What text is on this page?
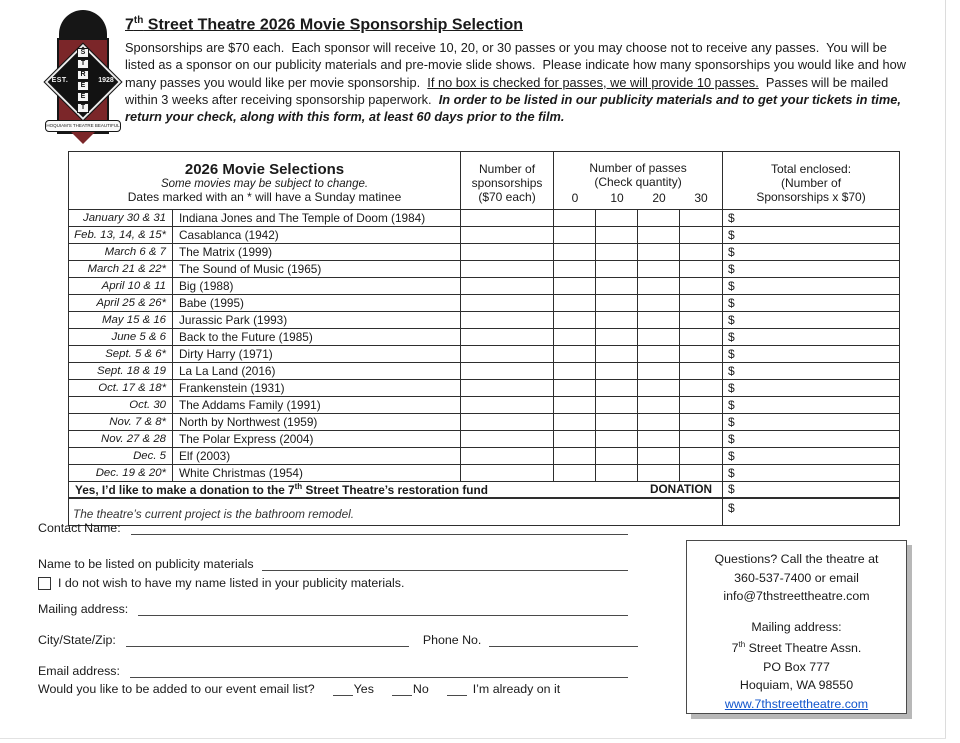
S
T
R
E
E
T
EST.	1928
HOQUIAM'S THEATRE BEAUTIFUL
7th Street Theatre 2026 Movie Sponsorship Selection
Sponsorships are $70 each.  Each sponsor will receive 10, 20, or 30 passes or you may choose not to receive any passes.  You will be listed as a sponsor on our publicity materials and pre-movie slide shows.  Please indicate how many sponsorships you would like and how many passes you would like per movie sponsorship.  If no box is checked for passes, we will provide 10 passes.  Passes will be mailed within 3 weeks after receiving sponsorship paperwork.  In order to be listed in our publicity materials and to get your tickets in time, return your check, along with this form, at least 60 days prior to the film.
2026 Movie Selections
Some movies may be subject to change.
Dates marked with an * will have a Sunday matinee

Number of
sponsorships
($70 each)

Number of passes
(Check quantity)
0	10	20	30

Total enclosed:
(Number of
Sponsorships x $70)

January 30 & 31	Indiana Jones and The Temple of Doom (1984)						$
Feb. 13, 14, & 15*	Casablanca (1942)						$
March 6 & 7	The Matrix (1999)						$
March 21 & 22*	The Sound of Music (1965)						$
April 10 & 11	Big (1988)						$
April 25 & 26*	Babe (1995)						$
May 15 & 16	Jurassic Park (1993)						$
June 5 & 6	Back to the Future (1985)						$
Sept. 5 & 6*	Dirty Harry (1971)						$
Sept. 18 & 19	La La Land (2016)						$
Oct. 17 & 18*	Frankenstein (1931)						$
Oct. 30	The Addams Family (1991)						$
Nov. 7 & 8*	North by Northwest (1959)						$
Nov. 27 & 28	The Polar Express (2004)						$
Dec. 5	Elf (2003)						$
Dec. 19 & 20*	White Christmas (1954)						$

Yes, I’d like to make a donation to the 7th Street Theatre’s restoration fund DONATION							$
The theatre’s current project is the bathroom remodel.							$
Contact Name:
Name to be listed on publicity materials
I do not wish to have my name listed in your publicity materials.
Mailing address:
City/State/Zip:	Phone No.
Email address:
Would you like to be added to our event email list?	Yes	No	I’m already on it
Questions? Call the theatre at
360-537-7400 or email
info@7thstreettheatre.com
Mailing address:
7th Street Theatre Assn.
PO Box 777
Hoquiam, WA 98550
www.7thstreettheatre.com
